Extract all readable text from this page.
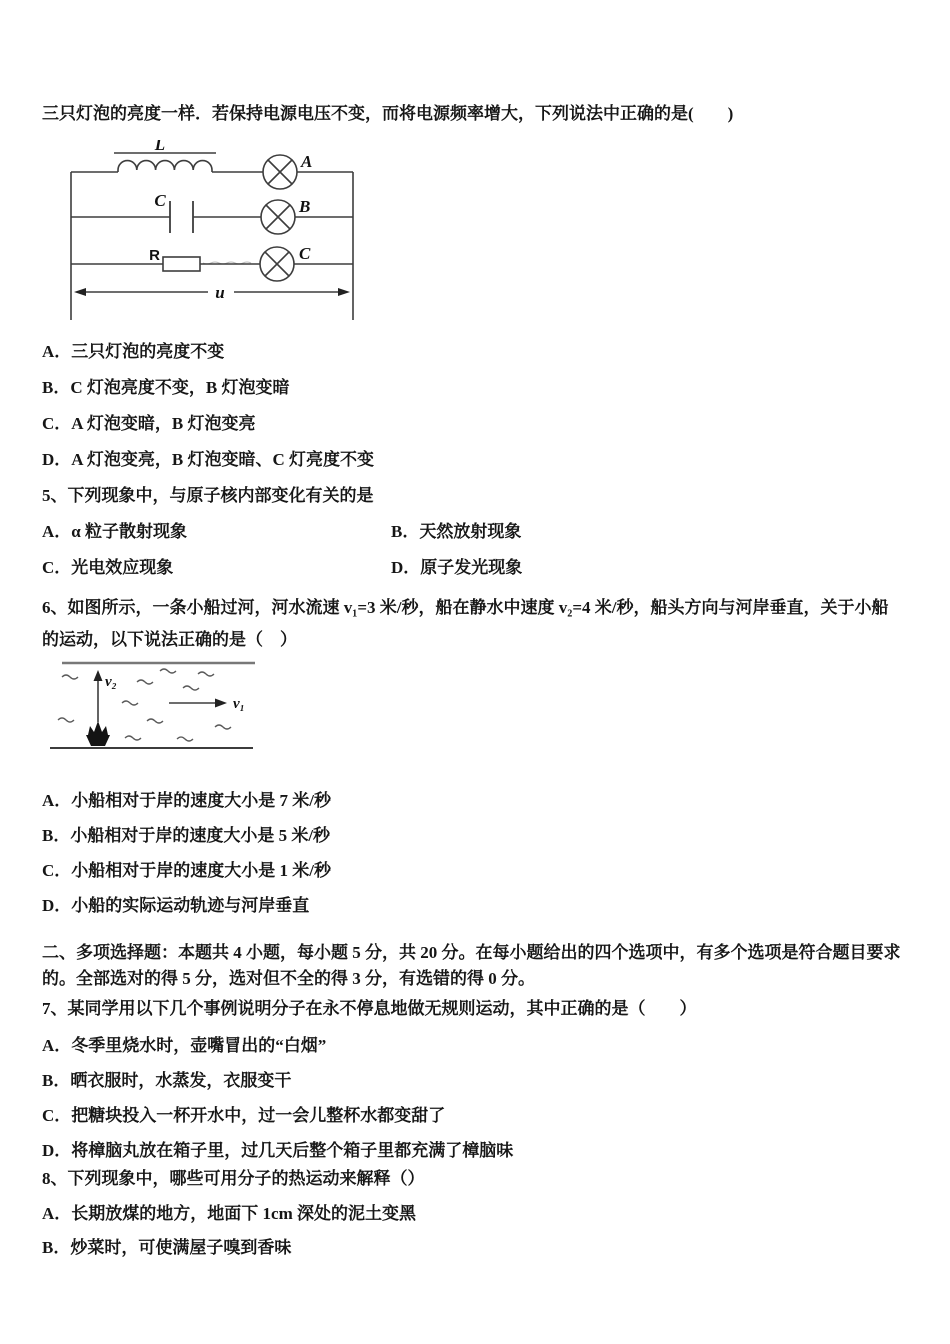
三只灯泡的亮度一样．若保持电源电压不变，而将电源频率增大，下列说法中正确的是(　　)

L
A
C	B
R	C
u

A．三只灯泡的亮度不变

B．C 灯泡亮度不变，B 灯泡变暗

C．A 灯泡变暗，B 灯泡变亮

D．A 灯泡变亮，B 灯泡变暗、C 灯亮度不变

5、下列现象中，与原子核内部变化有关的是

A．α 粒子散射现象	B．天然放射现象

C．光电效应现象	D．原子发光现象

6、如图所示，一条小船过河，河水流速 v₁=3 米/秒，船在静水中速度 v₂=4 米/秒，船头方向与河岸垂直，关于小船的运动，以下说法正确的是（　）

v₂
v₁

A．小船相对于岸的速度大小是 7 米/秒

B．小船相对于岸的速度大小是 5 米/秒

C．小船相对于岸的速度大小是 1 米/秒

D．小船的实际运动轨迹与河岸垂直

二、多项选择题：本题共 4 小题，每小题 5 分，共 20 分。在每小题给出的四个选项中，有多个选项是符合题目要求的。全部选对的得 5 分，选对但不全的得 3 分，有选错的得 0 分。

7、某同学用以下几个事例说明分子在永不停息地做无规则运动，其中正确的是（　　）

A．冬季里烧水时，壶嘴冒出的“白烟”

B．晒衣服时，水蒸发，衣服变干

C．把糖块投入一杯开水中，过一会儿整杯水都变甜了

D．将樟脑丸放在箱子里，过几天后整个箱子里都充满了樟脑味

8、下列现象中，哪些可用分子的热运动来解释（）

A．长期放煤的地方，地面下 1cm 深处的泥土变黑

B．炒菜时，可使满屋子嗅到香味
